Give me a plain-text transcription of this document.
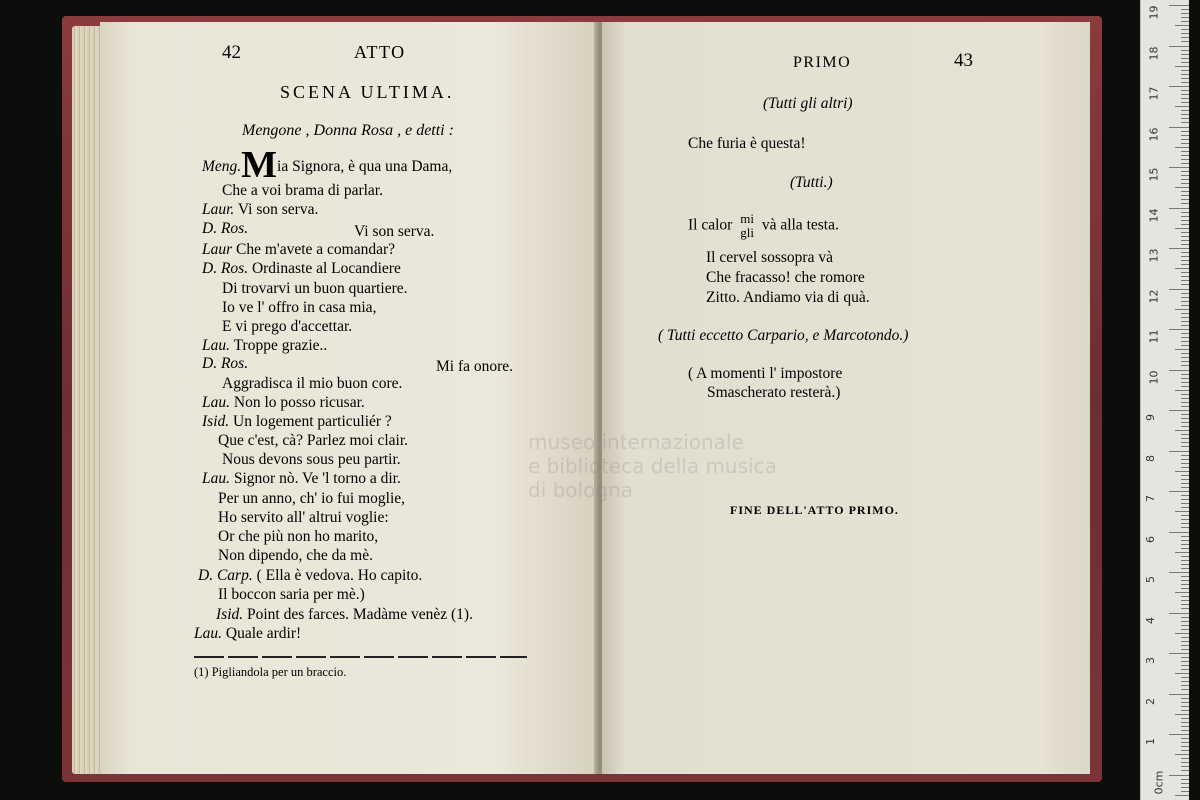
42	ATTO
SCENA ULTIMA.
Mengone , Donna Rosa , e detti :
Meng.Mia Signora, è qua una Dama,
Che a voi brama di parlar.
Laur. Vi son serva.
D. Ros.	Vi son serva.
Laur Che m'avete a comandar?
D. Ros. Ordinaste al Locandiere
Di trovarvi un buon quartiere.
Io ve l' offro in casa mia,
E vi prego d'accettar.
Lau. Troppe grazie..
D. Ros.	Mi fa onore.
Aggradisca il mio buon core.
Lau. Non lo posso ricusar.
Isid. Un logement particuliér ?
Que c'est, cà? Parlez moi clair.
Nous devons sous peu partir.
Lau. Signor nò. Ve 'l torno a dir.
Per un anno, ch' io fui moglie,
Ho servito all' altrui voglie:
Or che più non ho marito,
Non dipendo, che da mè.
D. Carp. ( Ella è vedova. Ho capito.
Il boccon saria per mè.)
Isid. Point des farces. Madàme venèz (1).
Lau. Quale ardir!
(1) Pigliandola per un braccio.
PRIMO	43
(Tutti gli altri)
Che furia è questa!
(Tutti.)
Il calor mi
gli và alla testa.
Il cervel sossopra và
Che fracasso! che romore
Zitto. Andiamo via di quà.
( Tutti eccetto Carpario, e Marcotondo.)
( A momenti l' impostore
Smascherato resterà.)
FINE DELL'ATTO PRIMO.
museo internazionale
e biblioteca della musica
di bologna
19
18
17
16
15
14
13
12
11
10
9
8
7
6
5
4
3
2
1
0cm
